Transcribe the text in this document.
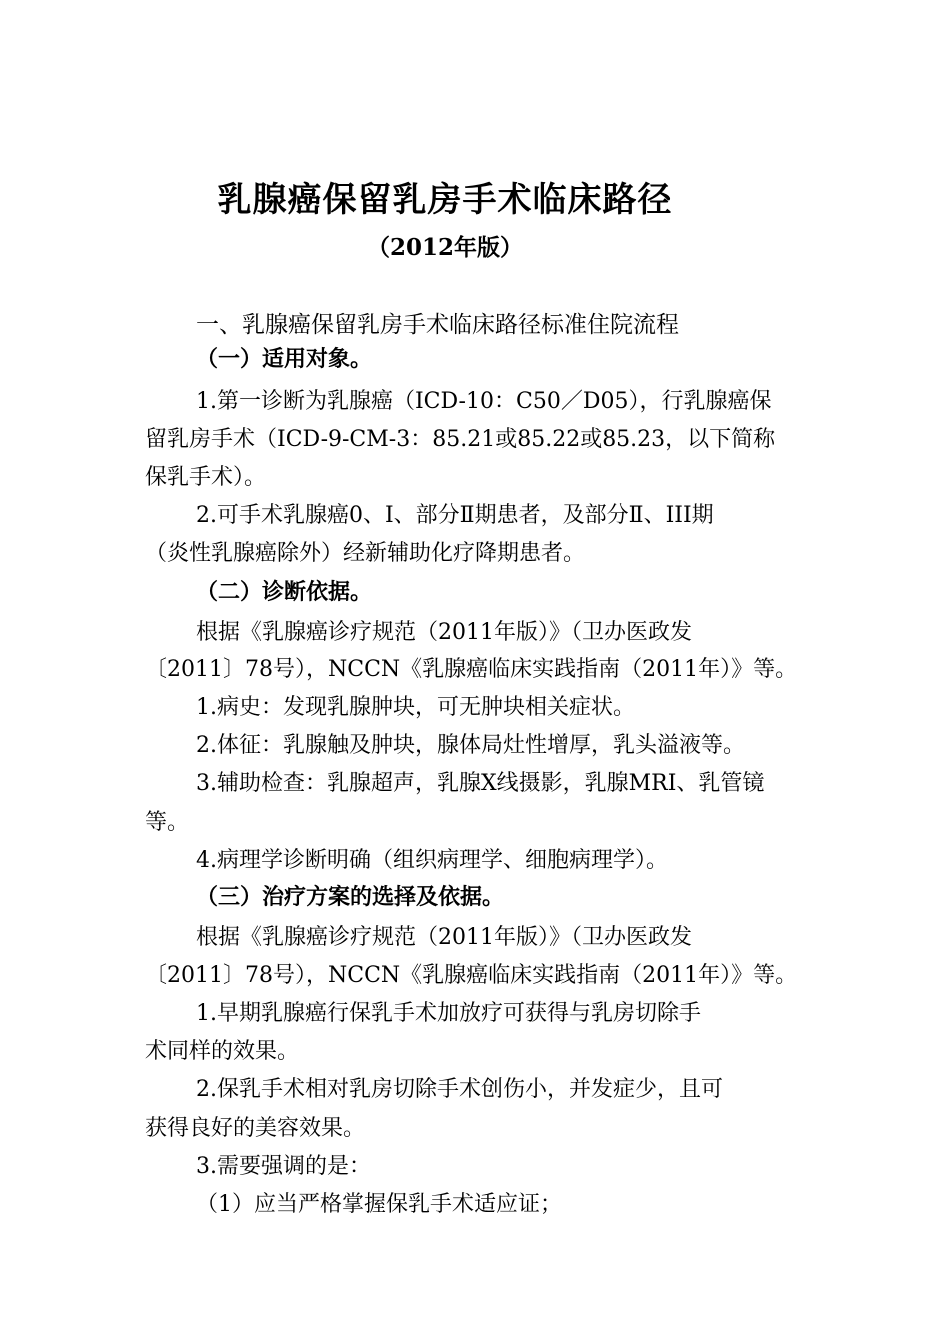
乳腺癌保留乳房手术临床路径
（2012年版）
一、乳腺癌保留乳房手术临床路径标准住院流程
（一）适用对象。
1.第一诊断为乳腺癌（ICD-10：C50／D05），行乳腺癌保
留乳房手术（ICD-9-CM-3：85.21或85.22或85.23，以下简称
保乳手术）。
2.可手术乳腺癌0、Ⅰ、部分Ⅱ期患者，及部分Ⅱ、III期
（炎性乳腺癌除外）经新辅助化疗降期患者。
（二）诊断依据。
根据《乳腺癌诊疗规范（2011年版）》（卫办医政发
〔2011〕78号），NCCN《乳腺癌临床实践指南（2011年）》等。
1.病史：发现乳腺肿块，可无肿块相关症状。
2.体征：乳腺触及肿块，腺体局灶性增厚，乳头溢液等。
3.辅助检查：乳腺超声，乳腺X线摄影，乳腺MRI、乳管镜
等。
4.病理学诊断明确（组织病理学、细胞病理学）。
（三）治疗方案的选择及依据。
根据《乳腺癌诊疗规范（2011年版）》（卫办医政发
〔2011〕78号），NCCN《乳腺癌临床实践指南（2011年）》等。
1.早期乳腺癌行保乳手术加放疗可获得与乳房切除手
术同样的效果。
2.保乳手术相对乳房切除手术创伤小，并发症少，且可
获得良好的美容效果。
3.需要强调的是：
（1）应当严格掌握保乳手术适应证；
